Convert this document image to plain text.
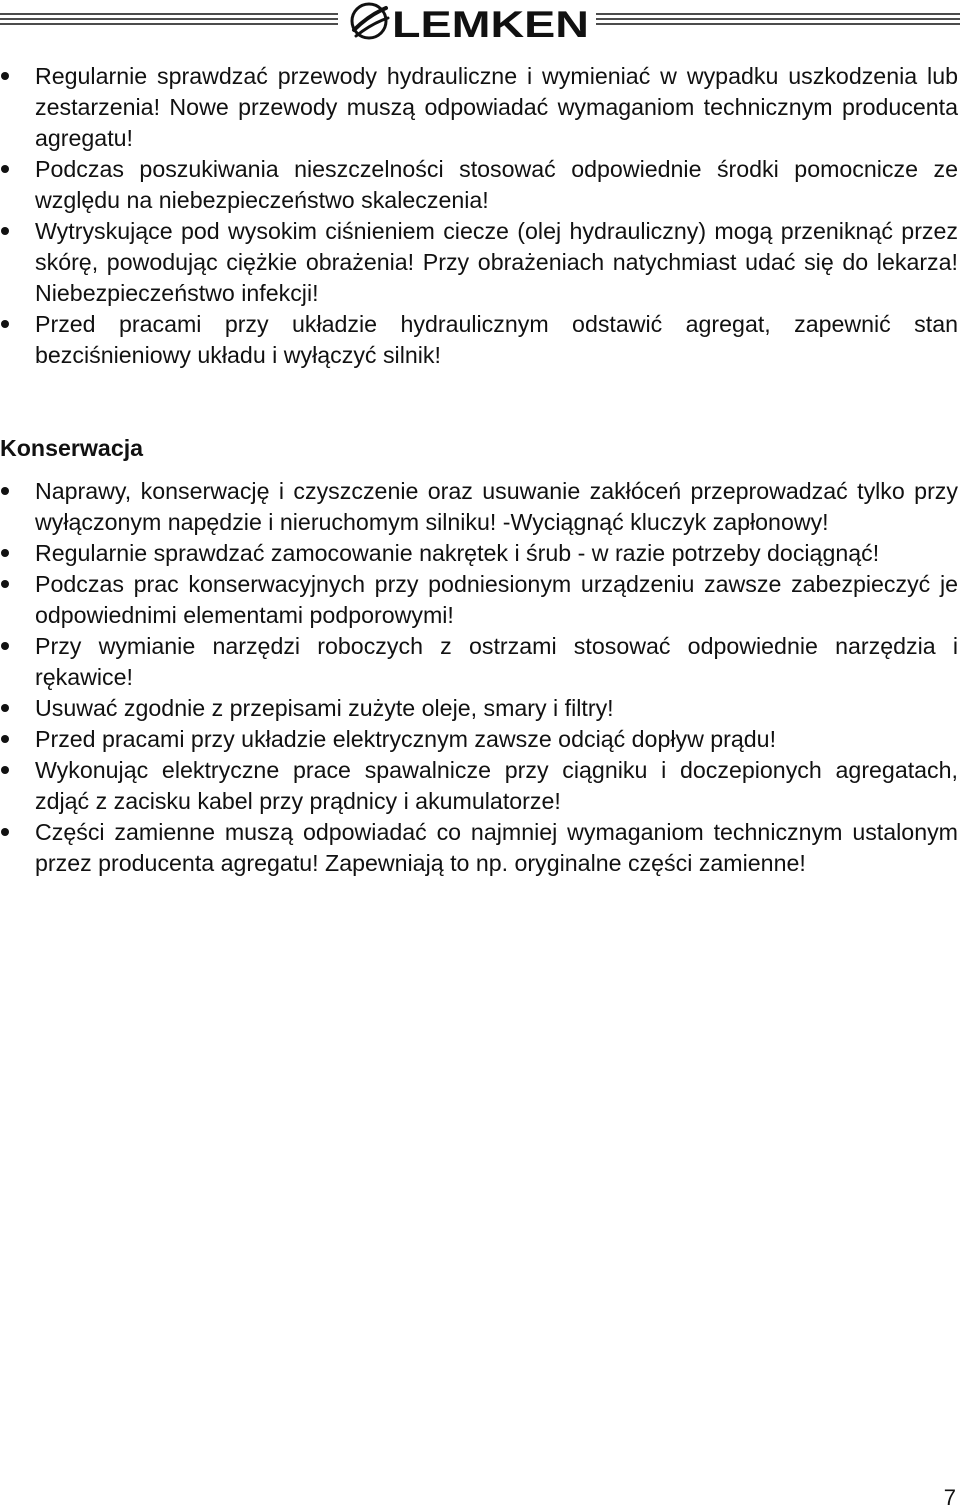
LEMKEN
Regularnie sprawdzać przewody hydrauliczne i wymieniać w wypadku uszkodzenia lub zestarzenia! Nowe przewody muszą odpowiadać wymaganiom technicznym producenta agregatu!
Podczas poszukiwania nieszczelności stosować odpowiednie środki pomocnicze ze względu na niebezpieczeństwo skaleczenia!
Wytryskujące pod wysokim ciśnieniem ciecze (olej hydrauliczny) mogą przeniknąć przez skórę, powodując ciężkie obrażenia! Przy obrażeniach natychmiast udać się do lekarza! Niebezpieczeństwo infekcji!
Przed pracami przy układzie hydraulicznym odstawić agregat, zapewnić stan bezciśnieniowy układu i wyłączyć silnik!
Konserwacja
Naprawy, konserwację i czyszczenie oraz usuwanie zakłóceń przeprowadzać tylko przy wyłączonym napędzie i nieruchomym silniku! -Wyciągnąć kluczyk zapłonowy!
Regularnie sprawdzać zamocowanie nakrętek i śrub - w razie potrzeby dociągnąć!
Podczas prac konserwacyjnych przy podniesionym urządzeniu zawsze zabezpieczyć je odpowiednimi elementami podporowymi!
Przy wymianie narzędzi roboczych z ostrzami stosować odpowiednie narzędzia i rękawice!
Usuwać zgodnie z przepisami zużyte oleje, smary i filtry!
Przed pracami przy układzie elektrycznym zawsze odciąć dopływ prądu!
Wykonując elektryczne prace spawalnicze przy ciągniku i doczepionych agregatach, zdjąć z zacisku kabel przy prądnicy i akumulatorze!
Części zamienne muszą odpowiadać co najmniej wymaganiom technicznym ustalonym przez producenta agregatu! Zapewniają to np. oryginalne części zamienne!
7
